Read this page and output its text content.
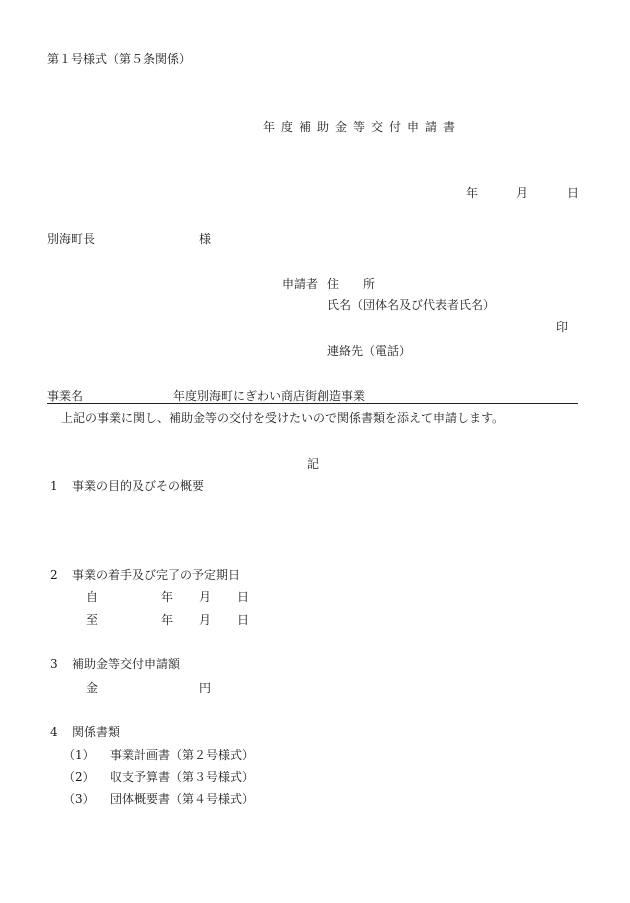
第１号様式（第５条関係）
年度補助金等交付申請書
年	月	日
別海町長	様
申請者 住　　所
氏名（団体名及び代表者氏名）
印
連絡先（電話）
事業名	年度別海町にぎわい商店街創造事業
上記の事業に関し、補助金等の交付を受けたいので関係書類を添えて申請します。
記
1 事業の目的及びその概要
2 事業の着手及び完了の予定期日
自	年 月 日
至	年 月 日
3 補助金等交付申請額
金	円
4 関係書類
（1） 事業計画書（第２号様式）
（2） 収支予算書（第３号様式）
（3） 団体概要書（第４号様式）
